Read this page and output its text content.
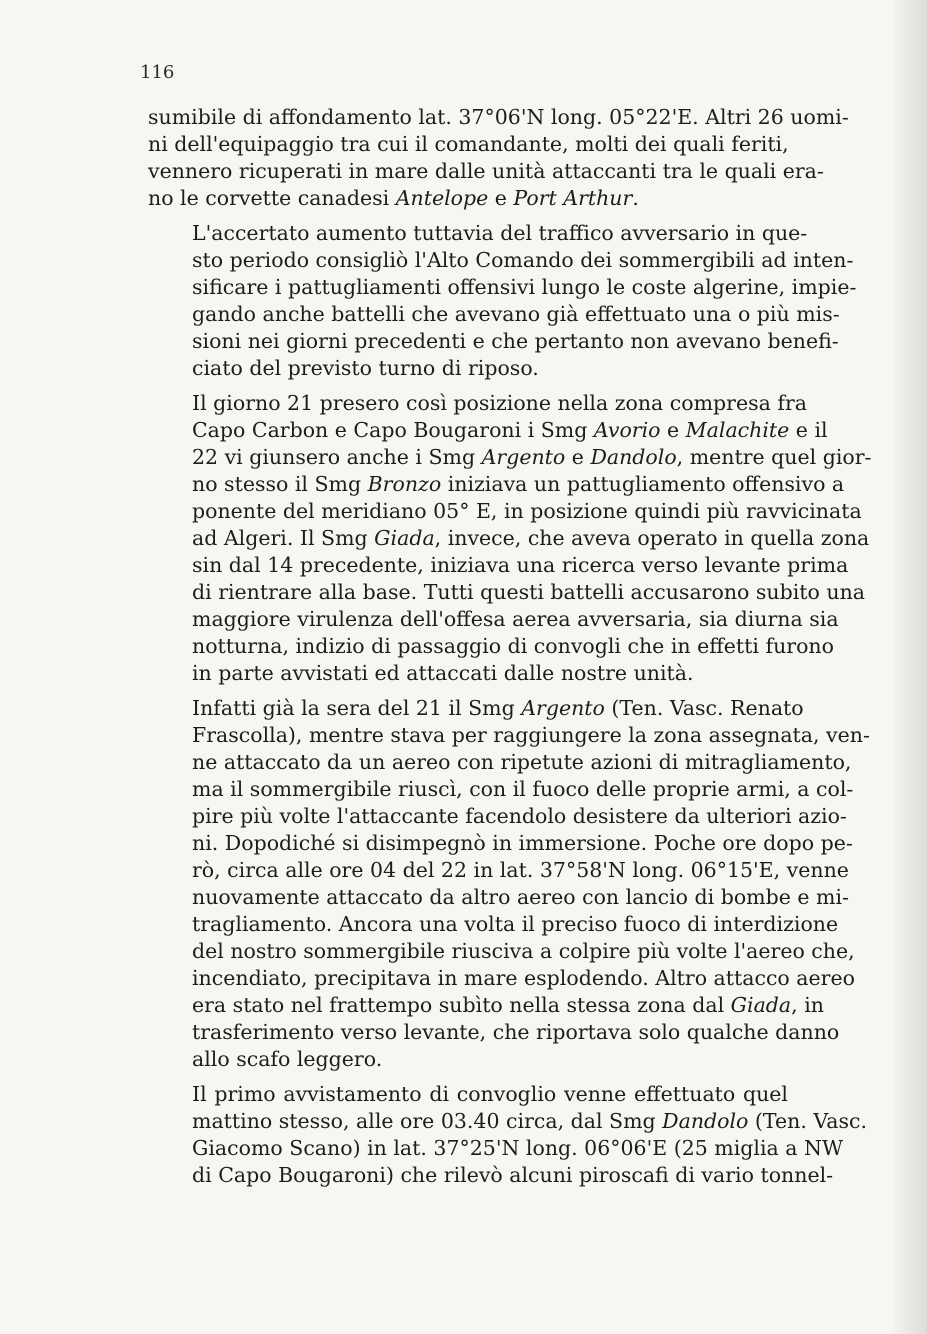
116

sumibile di affondamento lat. 37°06'N long. 05°22'E. Altri 26 uomi-
ni dell'equipaggio tra cui il comandante, molti dei quali feriti,
vennero ricuperati in mare dalle unità attaccanti tra le quali era-
no le corvette canadesi Antelope e Port Arthur.

L'accertato aumento tuttavia del traffico avversario in que-
sto periodo consigliò l'Alto Comando dei sommergibili ad inten-
sificare i pattugliamenti offensivi lungo le coste algerine, impie-
gando anche battelli che avevano già effettuato una o più mis-
sioni nei giorni precedenti e che pertanto non avevano benefi-
ciato del previsto turno di riposo.

Il giorno 21 presero così posizione nella zona compresa fra
Capo Carbon e Capo Bougaroni i Smg Avorio e Malachite e il
22 vi giunsero anche i Smg Argento e Dandolo, mentre quel gior-
no stesso il Smg Bronzo iniziava un pattugliamento offensivo a
ponente del meridiano 05° E, in posizione quindi più ravvicinata
ad Algeri. Il Smg Giada, invece, che aveva operato in quella zona
sin dal 14 precedente, iniziava una ricerca verso levante prima
di rientrare alla base. Tutti questi battelli accusarono subito una
maggiore virulenza dell'offesa aerea avversaria, sia diurna sia
notturna, indizio di passaggio di convogli che in effetti furono
in parte avvistati ed attaccati dalle nostre unità.

Infatti già la sera del 21 il Smg Argento (Ten. Vasc. Renato
Frascolla), mentre stava per raggiungere la zona assegnata, ven-
ne attaccato da un aereo con ripetute azioni di mitragliamento,
ma il sommergibile riuscì, con il fuoco delle proprie armi, a col-
pire più volte l'attaccante facendolo desistere da ulteriori azio-
ni. Dopodiché si disimpegnò in immersione. Poche ore dopo pe-
rò, circa alle ore 04 del 22 in lat. 37°58'N long. 06°15'E, venne
nuovamente attaccato da altro aereo con lancio di bombe e mi-
tragliamento. Ancora una volta il preciso fuoco di interdizione
del nostro sommergibile riusciva a colpire più volte l'aereo che,
incendiato, precipitava in mare esplodendo. Altro attacco aereo
era stato nel frattempo subìto nella stessa zona dal Giada, in
trasferimento verso levante, che riportava solo qualche danno
allo scafo leggero.

Il primo avvistamento di convoglio venne effettuato quel
mattino stesso, alle ore 03.40 circa, dal Smg Dandolo (Ten. Vasc.
Giacomo Scano) in lat. 37°25'N long. 06°06'E (25 miglia a NW
di Capo Bougaroni) che rilevò alcuni piroscafi di vario tonnel-
